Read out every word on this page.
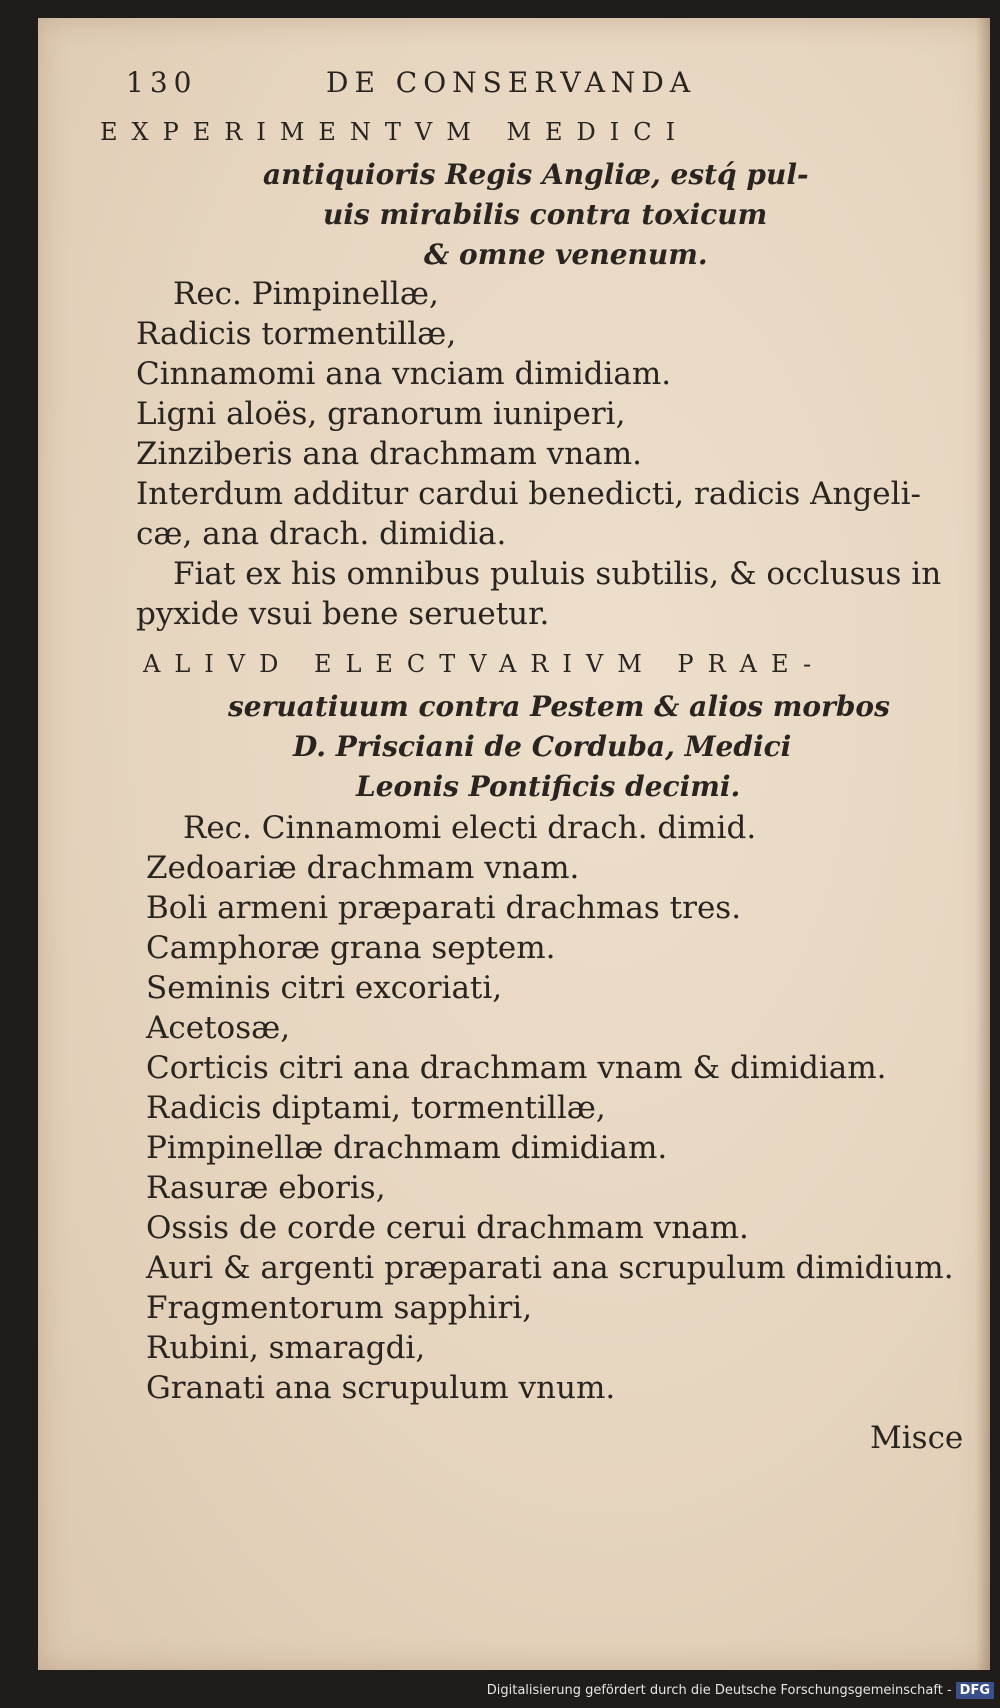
130	DE CONSERVANDA
EXPERIMENTVM MEDICI
antiquioris Regis Angliæ, estq́ pul-
uis mirabilis contra toxicum
& omne venenum.
Rec. Pimpinellæ,
Radicis tormentillæ,
Cinnamomi ana vnciam dimidiam.
Ligni aloës, granorum iuniperi,
Zinziberis ana drachmam vnam.
Interdum additur cardui benedicti, radicis Angeli-
cæ, ana drach. dimidia.
Fiat ex his omnibus puluis subtilis, & occlusus in
pyxide vsui bene seruetur.
ALIVD ELECTVARIVM PRAE-
seruatiuum contra Pestem & alios morbos
D. Prisciani de Corduba, Medici
Leonis Pontificis decimi.
Rec. Cinnamomi electi drach. dimid.
Zedoariæ drachmam vnam.
Boli armeni præparati drachmas tres.
Camphoræ grana septem.
Seminis citri excoriati,
Acetosæ,
Corticis citri ana drachmam vnam & dimidiam.
Radicis diptami, tormentillæ,
Pimpinellæ drachmam dimidiam.
Rasuræ eboris,
Ossis de corde cerui drachmam vnam.
Auri & argenti præparati ana scrupulum dimidium.
Fragmentorum sapphiri,
Rubini, smaragdi,
Granati ana scrupulum vnum.
Misce
Digitalisierung gefördert durch die Deutsche Forschungsgemeinschaft - DFG
